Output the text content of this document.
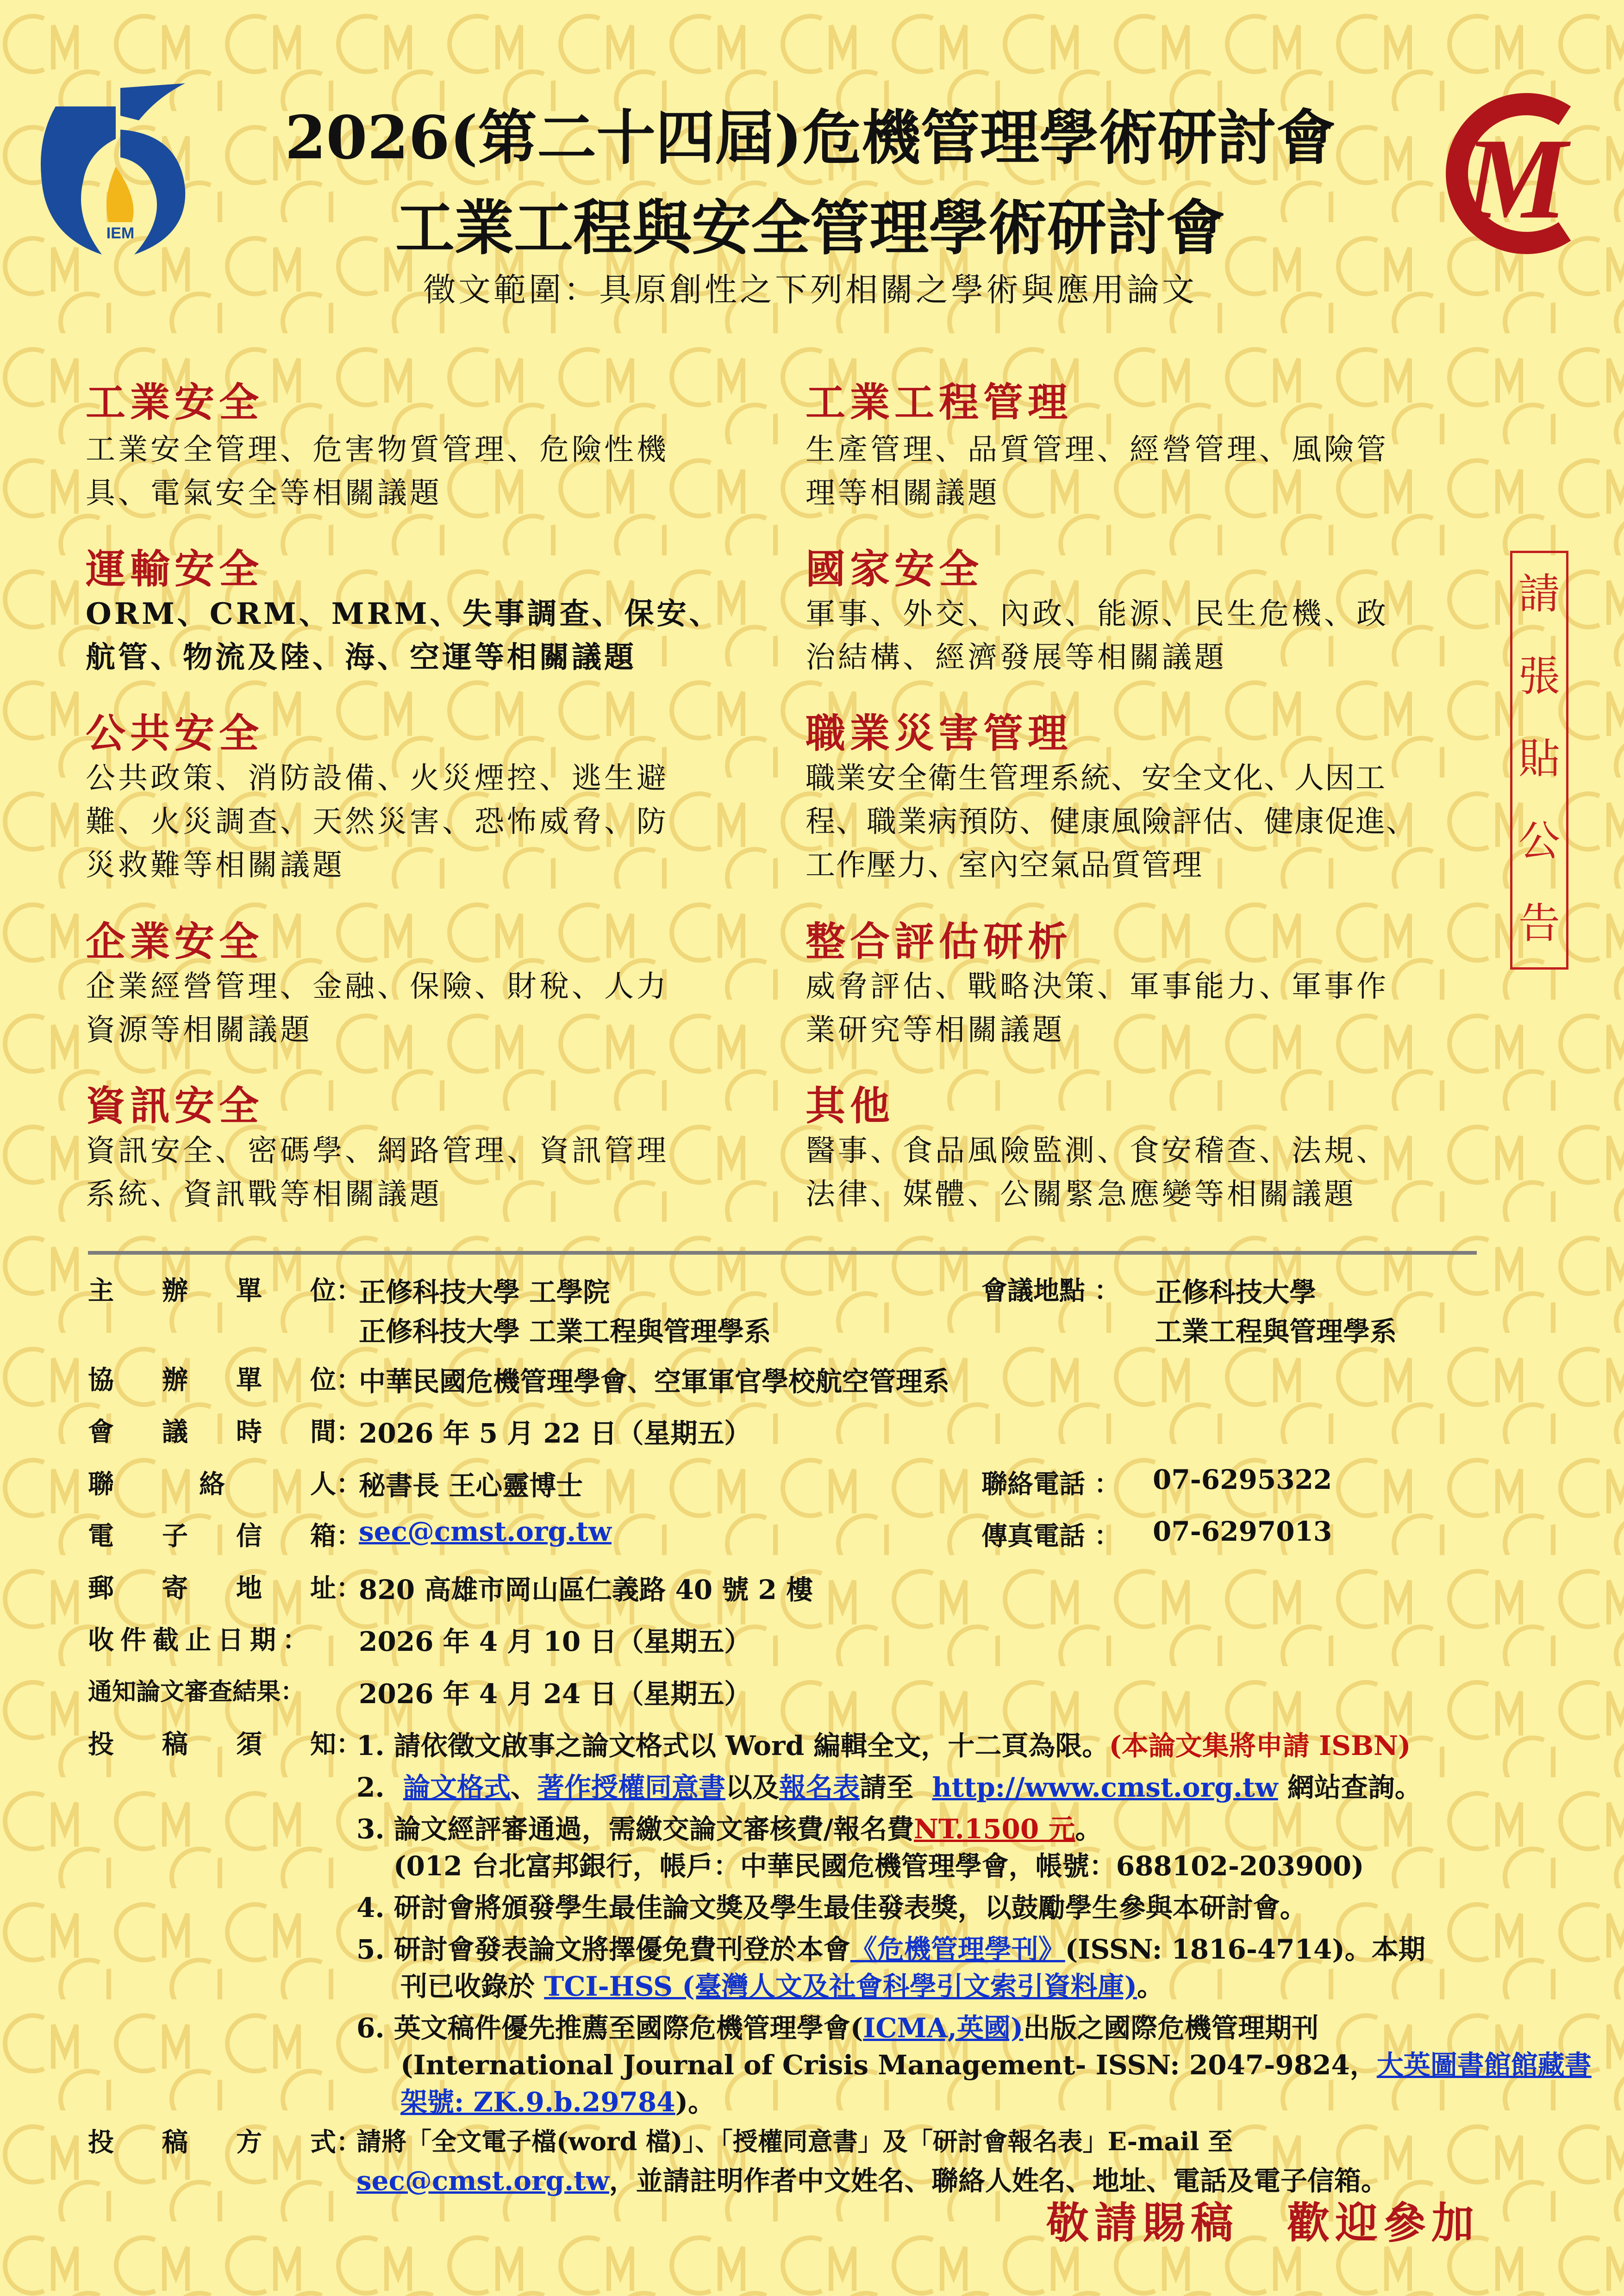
IEM	M
2026(第二十四屆)危機管理學術研討會
工業工程與安全管理學術研討會
徵文範圍：具原創性之下列相關之學術與應用論文
工業安全
工業安全管理、危害物質管理、危險性機
具、電氣安全等相關議題
運輸安全
ORM、CRM、MRM、失事調查、保安、
航管、物流及陸、海、空運等相關議題
公共安全
公共政策、消防設備、火災煙控、逃生避
難、火災調查、天然災害、恐怖威脅、防
災救難等相關議題
企業安全
企業經營管理、金融、保險、財稅、人力
資源等相關議題
資訊安全
資訊安全、密碼學、網路管理、資訊管理
系統、資訊戰等相關議題
工業工程管理
生產管理、品質管理、經營管理、風險管
理等相關議題
國家安全
軍事、外交、內政、能源、民生危機、政
治結構、經濟發展等相關議題
職業災害管理
職業安全衛生管理系統、安全文化、人因工
程、職業病預防、健康風險評估、健康促進、
工作壓力、室內空氣品質管理
整合評估研析
威脅評估、戰略決策、軍事能力、軍事作
業研究等相關議題
其他
醫事、食品風險監測、食安稽查、法規、
法律、媒體、公關緊急應變等相關議題
請
張
貼
公
告
主 辦 單 位：
正修科技大學 工學院
正修科技大學 工業工程與管理學系
會議地點 ： 正修科技大學
工業工程與管理學系
協 辦 單 位：
中華民國危機管理學會、空軍軍官學校航空管理系
會 議 時 間：
2026 年 5 月 22 日（星期五）
聯	絡	人：
秘書長 王心靈博士	聯絡電話 ： 07-6295322
電 子 信 箱：
sec@cmst.org.tw	傳真電話 ： 07-6297013
郵 寄 地 址：
820 高雄市岡山區仁義路 40 號 2 樓
收件截止日期： 2026 年 4 月 10 日（星期五）
通知論文審查結果： 2026 年 4 月 24 日（星期五）
投 稿 須 知：
1. 請依徵文啟事之論文格式以 Word 編輯全文，十二頁為限。(本論文集將申請 ISBN)
2. 論文格式、著作授權同意書以及報名表請至 http://www.cmst.org.tw 網站查詢。
3. 論文經評審通過，需繳交論文審核費/報名費NT.1500 元。
(012 台北富邦銀行，帳戶：中華民國危機管理學會，帳號：688102-203900)
4. 研討會將頒發學生最佳論文獎及學生最佳發表獎，以鼓勵學生參與本研討會。
5. 研討會發表論文將擇優免費刊登於本會《危機管理學刊》(ISSN: 1816-4714)。本期
刊已收錄於 TCI-HSS (臺灣人文及社會科學引文索引資料庫)。
6. 英文稿件優先推薦至國際危機管理學會(ICMA,英國)出版之國際危機管理期刊
(International Journal of Crisis Management- ISSN: 2047-9824，大英圖書館館藏書
架號: ZK.9.b.29784)。
投 稿 方 式：
請將「全文電子檔(word 檔)」、「授權同意書」及「研討會報名表」E-mail 至
sec@cmst.org.tw，並請註明作者中文姓名、聯絡人姓名、地址、電話及電子信箱。
敬請賜稿　歡迎參加
